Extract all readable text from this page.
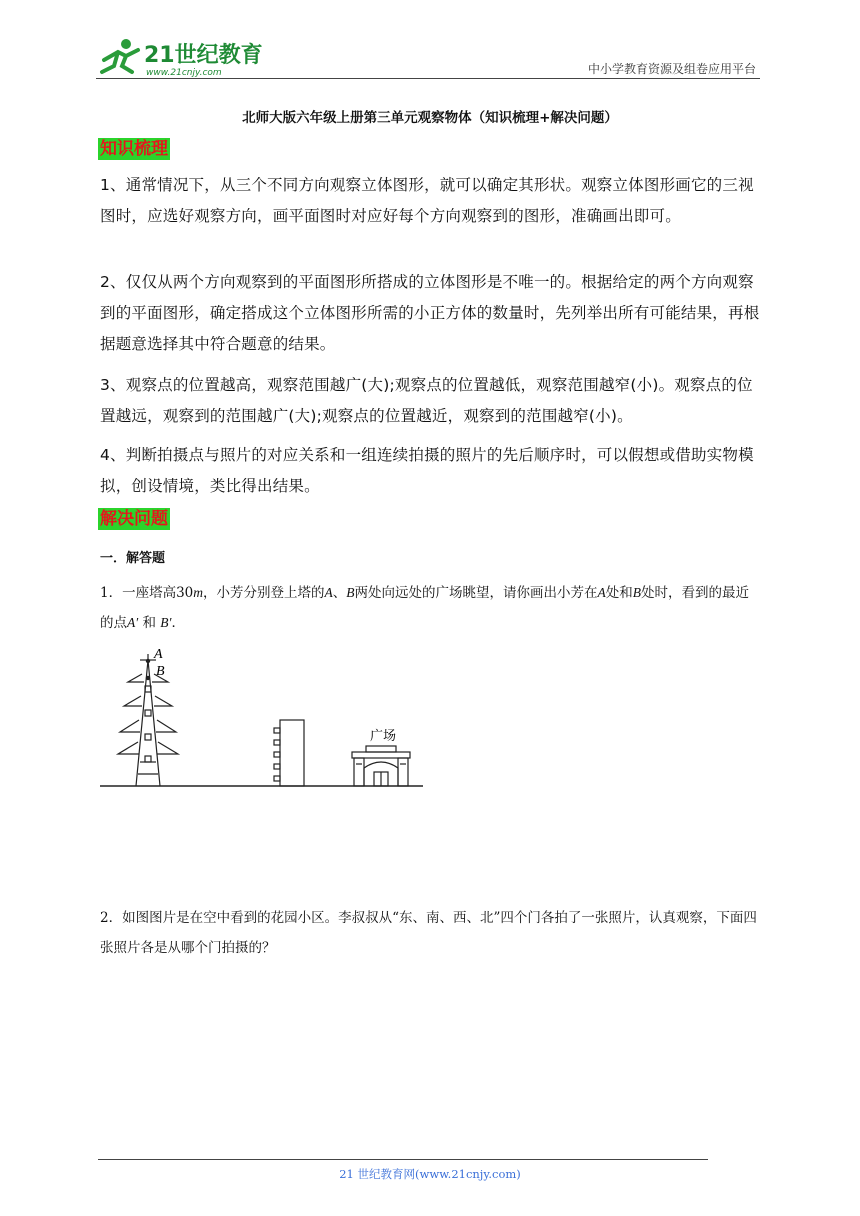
21世纪教育
www.21cnjy.com	中小学教育资源及组卷应用平台
北师大版六年级上册第三单元观察物体（知识梳理+解决问题）
知识梳理
1、通常情况下，从三个不同方向观察立体图形，就可以确定其形状。观察立体图形画它的三视图时，应选好观察方向，画平面图时对应好每个方向观察到的图形，准确画出即可。
2、仅仅从两个方向观察到的平面图形所搭成的立体图形是不唯一的。根据给定的两个方向观察到的平面图形，确定搭成这个立体图形所需的小正方体的数量时，先列举出所有可能结果，再根据题意选择其中符合题意的结果。
3、观察点的位置越高，观察范围越广(大);观察点的位置越低，观察范围越窄(小)。观察点的位置越远，观察到的范围越广(大);观察点的位置越近，观察到的范围越窄(小)。
4、判断拍摄点与照片的对应关系和一组连续拍摄的照片的先后顺序时，可以假想或借助实物模拟，创设情境，类比得出结果。
解决问题
一．解答题
1．一座塔高30m，小芳分别登上塔的A、B两处向远处的广场眺望，请你画出小芳在A处和B处时，看到的最近的点A′ 和 B′．
A
B
广场
2．如图图片是在空中看到的花园小区。李叔叔从“东、南、西、北”四个门各拍了一张照片，认真观察，下面四张照片各是从哪个门拍摄的？
21 世纪教育网(www.21cnjy.com)
